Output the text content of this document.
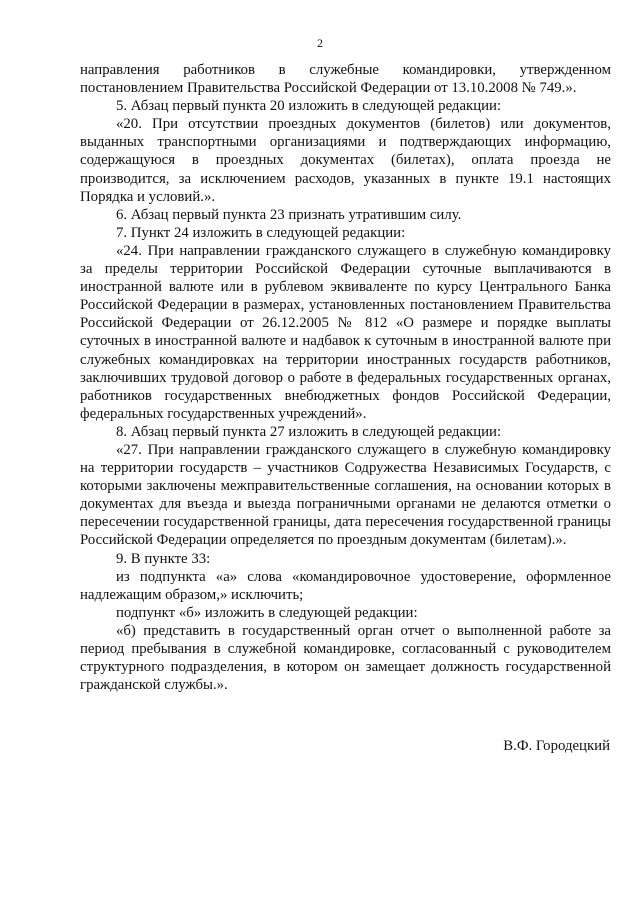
2

направления работников в служебные командировки, утвержденном постановлением Правительства Российской Федерации от 13.10.2008 № 749.».

5. Абзац первый пункта 20 изложить в следующей редакции:

«20. При отсутствии проездных документов (билетов) или документов, выданных транспортными организациями и подтверждающих информацию, содержащуюся в проездных документах (билетах), оплата проезда не производится, за исключением расходов, указанных в пункте 19.1 настоящих Порядка и условий.».

6. Абзац первый пункта 23 признать утратившим силу.

7. Пункт 24 изложить в следующей редакции:

«24. При направлении гражданского служащего в служебную командировку за пределы территории Российской Федерации суточные выплачиваются в иностранной валюте или в рублевом эквиваленте по курсу Центрального Банка Российской Федерации в размерах, установленных постановлением Правительства Российской Федерации от 26.12.2005 № 812 «О размере и порядке выплаты суточных в иностранной валюте и надбавок к суточным в иностранной валюте при служебных командировках на территории иностранных государств работников, заключивших трудовой договор о работе в федеральных государственных органах, работников государственных внебюджетных фондов Российской Федерации, федеральных государственных учреждений».

8. Абзац первый пункта 27 изложить в следующей редакции:

«27. При направлении гражданского служащего в служебную командировку на территории государств – участников Содружества Независимых Государств, с которыми заключены межправительственные соглашения, на основании которых в документах для въезда и выезда пограничными органами не делаются отметки о пересечении государственной границы, дата пересечения государственной границы Российской Федерации определяется по проездным документам (билетам).».

9. В пункте 33:

из подпункта «а» слова «командировочное удостоверение, оформленное надлежащим образом,» исключить;

подпункт «б» изложить в следующей редакции:

«б) представить в государственный орган отчет о выполненной работе за период пребывания в служебной командировке, согласованный с руководителем структурного подразделения, в котором он замещает должность государственной гражданской службы.».

В.Ф. Городецкий
